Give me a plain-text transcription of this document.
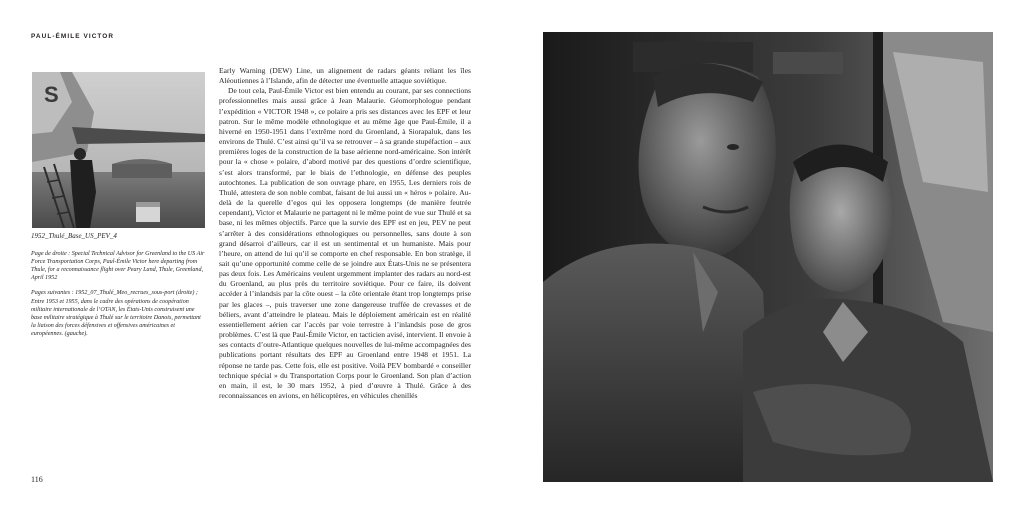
PAUL-ÉMILE VICTOR
S
1952_Thulé_Base_US_PEV_4

Page de droite : Special Technical Advisor for Greenland to the US Air Force Transportation Corps, Paul-Émile Victor here departing from Thule, for a reconnaissance flight over Peary Land, Thule, Greenland, April 1952

Pages suivantes : 1952_07_Thulé_Meo_recrues_sous-port (droite) ; Entre 1953 et 1955, dans le cadre des opérations de coopération militaire internationale de l’OTAN, les États-Unis construisent une base militaire stratégique à Thulé sur le territoire Danois, permettant la liaison des forces défensives et offensives américaines et européennes. (gauche).

Early Warning (DEW) Line, un alignement de radars géants reliant les îles Aléoutiennes à l’Islande, afin de détecter une éventuelle attaque soviétique.

De tout cela, Paul-Émile Victor est bien entendu au courant, par ses connections professionnelles mais aussi grâce à Jean Malaurie. Géomorphologue pendant l’expédition « VICTOR 1948 », ce polaire a pris ses distances avec les EPF et leur patron. Sur le même modèle ethnologique et au même âge que Paul-Émile, il a hiverné en 1950-1951 dans l’extrême nord du Groenland, à Siorapaluk, dans les environs de Thulé. C’est ainsi qu’il va se retrouver – à sa grande stupéfaction – aux premières loges de la construction de la base aérienne nord-américaine. Son intérêt pour la « chose » polaire, d’abord motivé par des questions d’ordre scientifique, s’est alors transformé, par le biais de l’ethnologie, en défense des peuples autochtones. La publication de son ouvrage phare, en 1955, Les derniers rois de Thulé, attestera de son noble combat, faisant de lui aussi un « héros » polaire. Au-delà de la querelle d’egos qui les opposera longtemps (de manière feutrée cependant), Victor et Malaurie ne partagent ni le même point de vue sur Thulé et sa base, ni les mêmes objectifs. Parce que la survie des EPF est en jeu, PEV ne peut s’arrêter à des considérations ethnologiques ou personnelles, sans doute à son grand désarroi d’ailleurs, car il est un sentimental et un humaniste. Mais pour l’heure, on attend de lui qu’il se comporte en chef responsable. En bon stratège, il sait qu’une opportunité comme celle de se joindre aux États-Unis ne se présentera pas deux fois. Les Américains veulent urgemment implanter des radars au nord-est du Groenland, au plus près du territoire soviétique. Pour ce faire, ils doivent accéder à l’inlandsis par la côte ouest – la côte orientale étant trop longtemps prise par les glaces –, puis traverser une zone dangereuse truffée de crevasses et de béliers, avant d’atteindre le plateau. Mais le déploiement américain est en réalité essentiellement aérien car l’accès par voie terrestre à l’inlandsis pose de gros problèmes. C’est là que Paul-Émile Victor, en tacticien avisé, intervient. Il envoie à ses contacts d’outre-Atlantique quelques nouvelles de lui-même accompagnées des publications portant résultats des EPF au Groenland entre 1948 et 1951. La réponse ne tarde pas. Cette fois, elle est positive. Voilà PEV bombardé « conseiller technique spécial » du Transportation Corps pour le Groenland. Son plan d’action en main, il est, le 30 mars 1952, à pied d’œuvre à Thulé. Grâce à des reconnaissances en avions, en hélicoptères, en véhicules chenillés

116
